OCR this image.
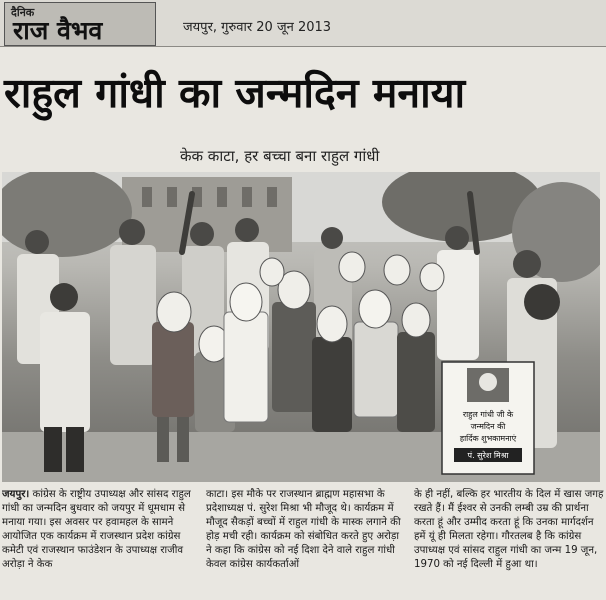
दैनिक
राज वैभव	जयपुर, गुरुवार 20 जून 2013
राहुल गांधी का जन्मदिन मनाया
केक काटा, हर बच्चा बना राहुल गांधी
राहुल गांधी जी के
जन्मदिन की
हार्दिक शुभकामनाएं
पं. सुरेश मिश्रा
जयपुर। कांग्रेस के राष्ट्रीय उपाध्यक्ष और सांसद राहुल गांधी का जन्मदिन बुधवार को जयपुर में धूमधाम से मनाया गया। इस अवसर पर हवामहल के सामने आयोजित एक कार्यक्रम में राजस्थान प्रदेश कांग्रेस कमेटी एवं राजस्थान फाउंडेशन के उपाध्यक्ष राजीव अरोड़ा ने केक
काटा। इस मौके पर राजस्थान ब्राह्मण महासभा के प्रदेशाध्यक्ष पं. सुरेश मिश्रा भी मौजूद थे। कार्यक्रम में मौजूद सैकड़ों बच्चों में राहुल गांधी के मास्क लगाने की होड़ मची रही। कार्यक्रम को संबोधित करते हुए अरोड़ा ने कहा कि कांग्रेस को नई दिशा देने वाले राहुल गांधी केवल कांग्रेस कार्यकर्ताओं
के ही नहीं, बल्कि हर भारतीय के दिल में खास जगह रखते हैं। मैं ईश्वर से उनकी लम्बी उम्र की प्रार्थना करता हूं और उम्मीद करता हूं कि उनका मार्गदर्शन हमें यूं ही मिलता रहेगा। गौरतलब है कि कांग्रेस उपाध्यक्ष एवं सांसद राहुल गांधी का जन्म 19 जून, 1970 को नई दिल्ली में हुआ था।
